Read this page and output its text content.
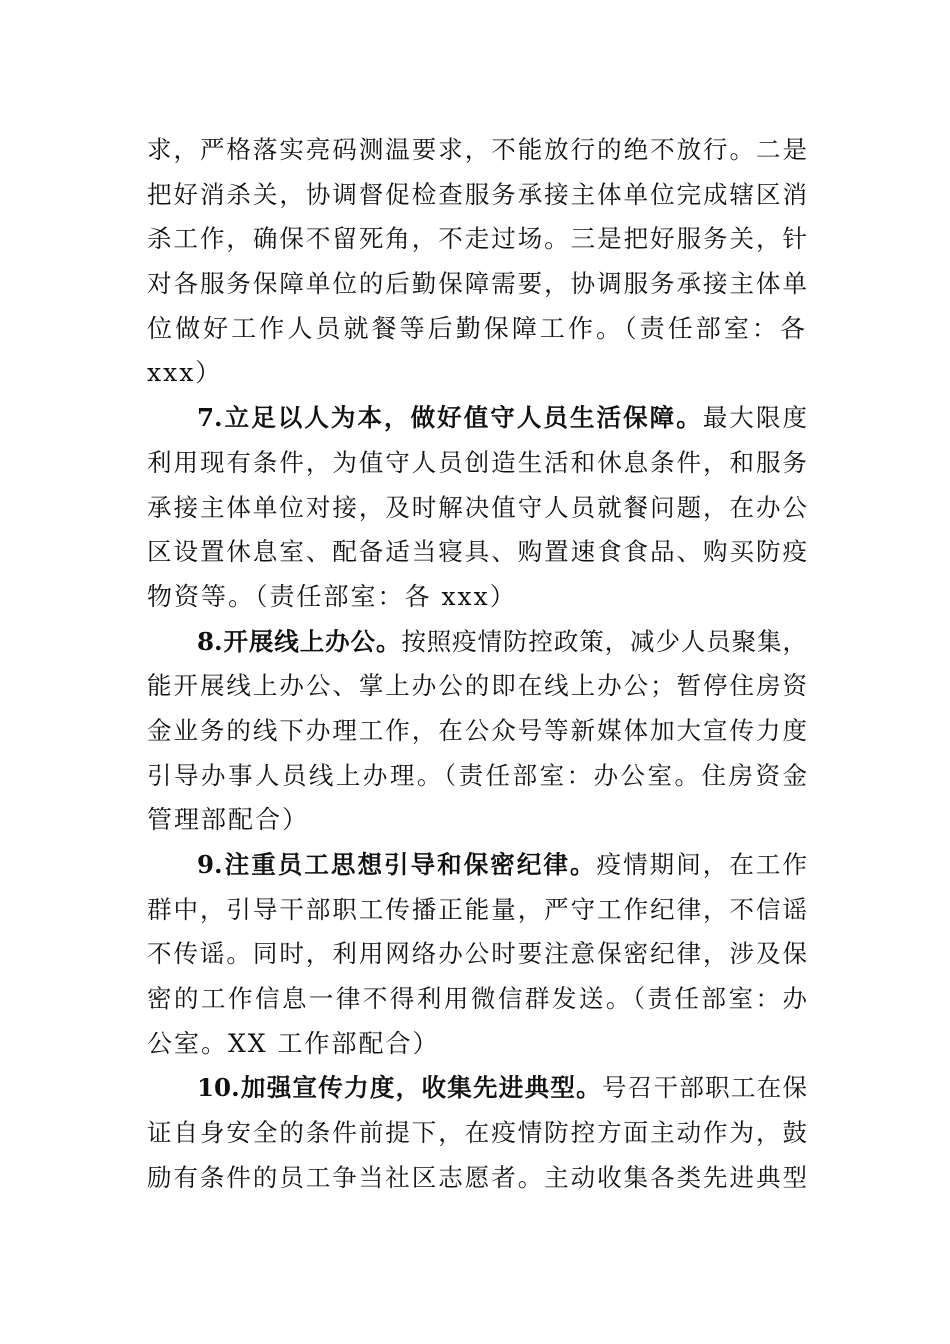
求，严格落实亮码测温要求，不能放行的绝不放行。二是
把好消杀关，协调督促检查服务承接主体单位完成辖区消
杀工作，确保不留死角，不走过场。三是把好服务关，针
对各服务保障单位的后勤保障需要，协调服务承接主体单
位做好工作人员就餐等后勤保障工作。（责任部室：各
xxx）
7.立足以人为本，做好值守人员生活保障。最大限度
利用现有条件，为值守人员创造生活和休息条件，和服务
承接主体单位对接，及时解决值守人员就餐问题，在办公
区设置休息室、配备适当寝具、购置速食食品、购买防疫
物资等。（责任部室：各 xxx）
8.开展线上办公。按照疫情防控政策，减少人员聚集，
能开展线上办公、掌上办公的即在线上办公；暂停住房资
金业务的线下办理工作，在公众号等新媒体加大宣传力度
引导办事人员线上办理。（责任部室：办公室。住房资金
管理部配合）
9.注重员工思想引导和保密纪律。疫情期间，在工作
群中，引导干部职工传播正能量，严守工作纪律，不信谣
不传谣。同时，利用网络办公时要注意保密纪律，涉及保
密的工作信息一律不得利用微信群发送。（责任部室：办
公室。XX 工作部配合）
10.加强宣传力度，收集先进典型。号召干部职工在保
证自身安全的条件前提下，在疫情防控方面主动作为，鼓
励有条件的员工争当社区志愿者。主动收集各类先进典型
